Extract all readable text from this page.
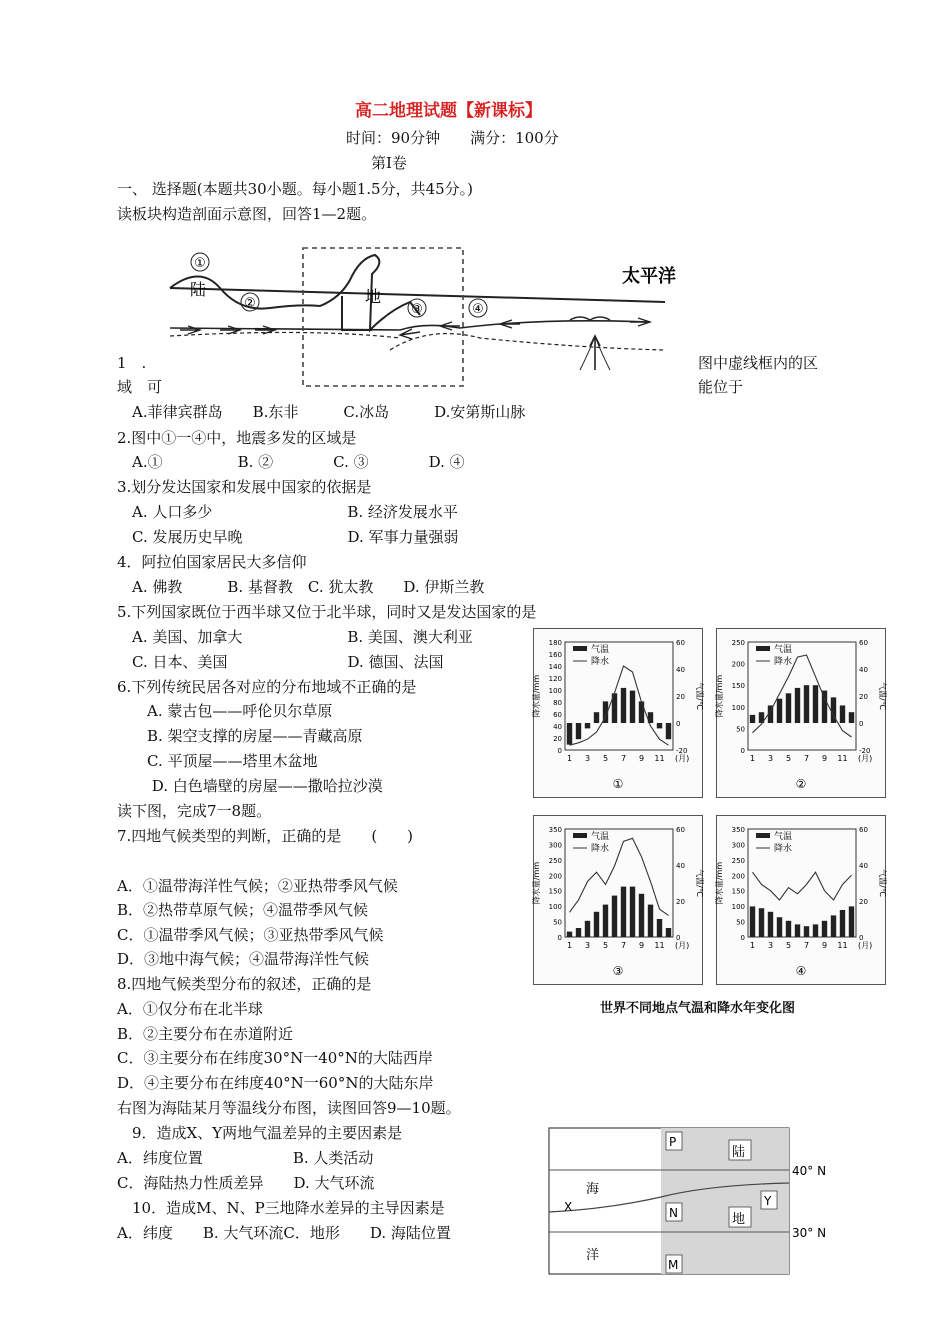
高二地理试题【新课标】
时间：90分钟　　满分：100分
第Ⅰ卷
一、 选择题(本题共30小题。每小题1.5分，共45分。)
读板块构造剖面示意图，回答1—2题。
①
陆
②	地
③	④
太平洋
1　.	图中虚线框内的区
域　可	能位于
　A.菲律宾群岛　　B.东非　　　C.冰岛　　　D.安第斯山脉
2.图中①一④中，地震多发的区域是
　A.①　　　　　B. ②　　　　C. ③　　　　D. ④
3.划分发达国家和发展中国家的依据是
　A. 人口多少　　　　　　　　　B. 经济发展水平
　C. 发展历史早晚　　　　　　　D. 军事力量强弱
4．阿拉伯国家居民大多信仰
　A. 佛教　　　B. 基督教　C. 犹太教　　D. 伊斯兰教
5.下列国家既位于西半球又位于北半球，同时又是发达国家的是
　A. 美国、加拿大　　　　　　　B. 美国、澳大利亚
　C. 日本、美国　　　　　　　　D. 德国、法国
6.下列传统民居各对应的分布地域不正确的是
　　A. 蒙古包——呼伦贝尔草原
　　B. 架空支撑的房屋——青藏高原
　　C. 平顶屋——塔里木盆地
　　 D. 白色墙壁的房屋——撒哈拉沙漠
读下图，完成7一8题。
7.四地气候类型的判断，正确的是　　(　　)
A．①温带海洋性气候；②亚热带季风气候
B．②热带草原气候；④温带季风气候
C．①温带季风气候；③亚热带季风气候
D．③地中海气候；④温带海洋性气候
8.四地气候类型分布的叙述，正确的是
A．①仅分布在北半球
B．②主要分布在赤道附近
C．③主要分布在纬度30°N一40°N的大陆西岸
D．④主要分布在纬度40°N一60°N的大陆东岸
右图为海陆某月等温线分布图，读图回答9—10题。
　9．造成X、Y两地气温差异的主要因素是
A．纬度位置　　　　　　B. 人类活动
C．海陆热力性质差异　　D. 大气环流
　10．造成M、N、P三地降水差异的主导因素是
A．纬度　　B. 大气环流C．地形　　D. 海陆位置
0
20
40
60
80
100
120
140
160
180
-20
0
20
40
60
1 3 5 7 9 11 (月)
气温
降水
降水量/mm	气温/℃
①
0
50
100
150
200
250
-20
0
20
40
60
1 3 5 7 9 11 (月)
气温
降水
降水量/mm	气温/℃
②
0
50
100
150
200
250
300
350
0
20
40
60
1 3 5 7 9 11 (月)
气温
降水
降水量/mm	气温/℃
③
0
50
100
150
200
250
300
350
0
20
40
60
1 3 5 7 9 11 (月)
气温
降水
降水量/mm	气温/℃
④
世界不同地点气温和降水年变化图
P
陆
海
X	N	地
Y
洋
M
40° N
30° N
